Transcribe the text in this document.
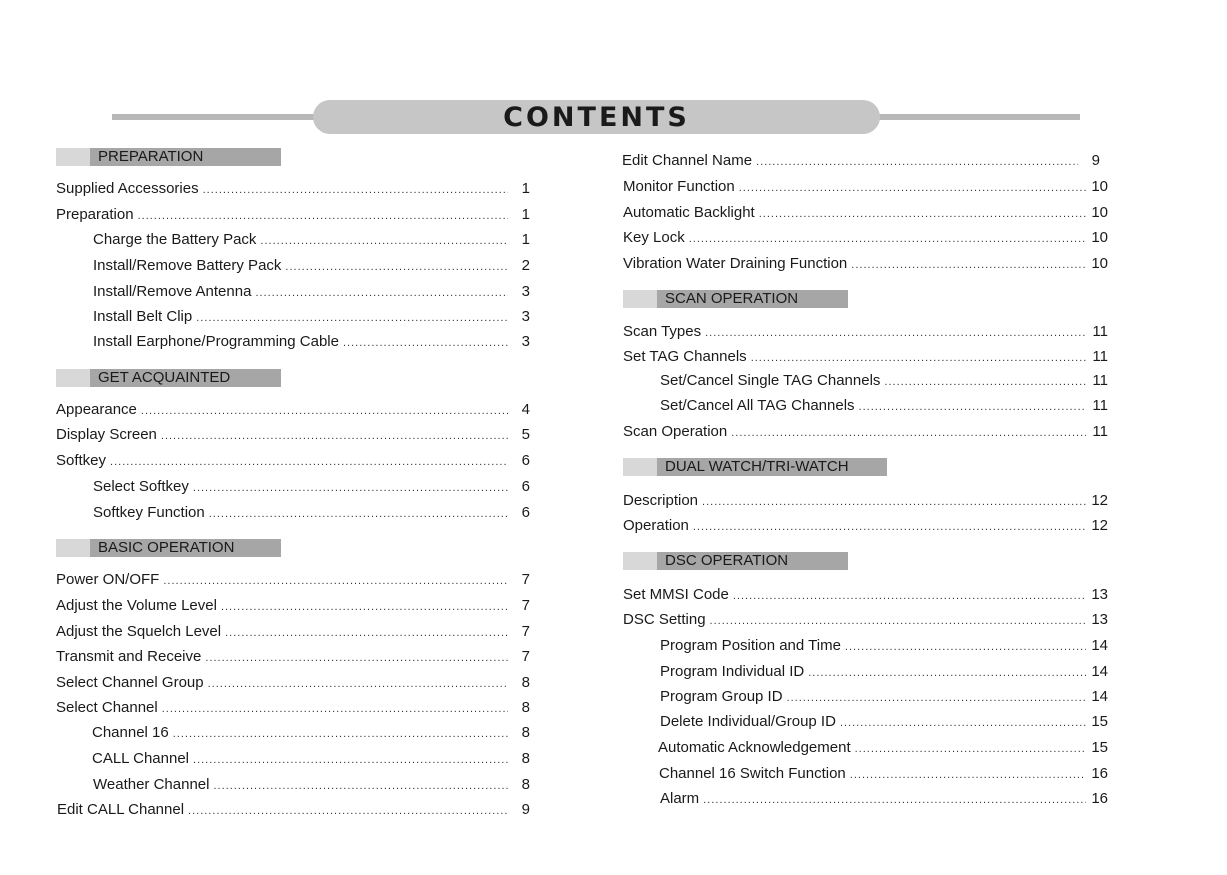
CONTENTS
PREPARATION
Supplied Accessories .....	1
Preparation .....	1
Charge the Battery Pack .....	1
Install/Remove Battery Pack .....	2
Install/Remove Antenna .....	3
Install Belt Clip .....	3
Install Earphone/Programming Cable .....	3
GET ACQUAINTED
Appearance .....	4
Display Screen .....	5
Softkey .....	6
Select Softkey .....	6
Softkey Function .....	6
BASIC OPERATION
Power ON/OFF .....	7
Adjust the Volume Level .....	7
Adjust the Squelch Level .....	7
Transmit and Receive .....	7
Select Channel Group .....	8
Select Channel .....	8
Channel 16 .....	8
CALL Channel .....	8
Weather Channel .....	8
Edit CALL Channel .....	9
Edit Channel Name .....	9
Monitor Function .....	10
Automatic Backlight .....	10
Key Lock .....	10
Vibration Water Draining Function .....	10
SCAN OPERATION
Scan Types .....	11
Set TAG Channels .....	11
Set/Cancel Single TAG Channels .....	11
Set/Cancel All TAG Channels .....	11
Scan Operation .....	11
DUAL WATCH/TRI-WATCH
Description .....	12
Operation .....	12
DSC OPERATION
Set MMSI Code .....	13
DSC Setting .....	13
Program Position and Time .....	14
Program Individual ID .....	14
Program Group ID .....	14
Delete Individual/Group ID .....	15
Automatic Acknowledgement .....	15
Channel 16 Switch Function .....	16
Alarm .....	16
